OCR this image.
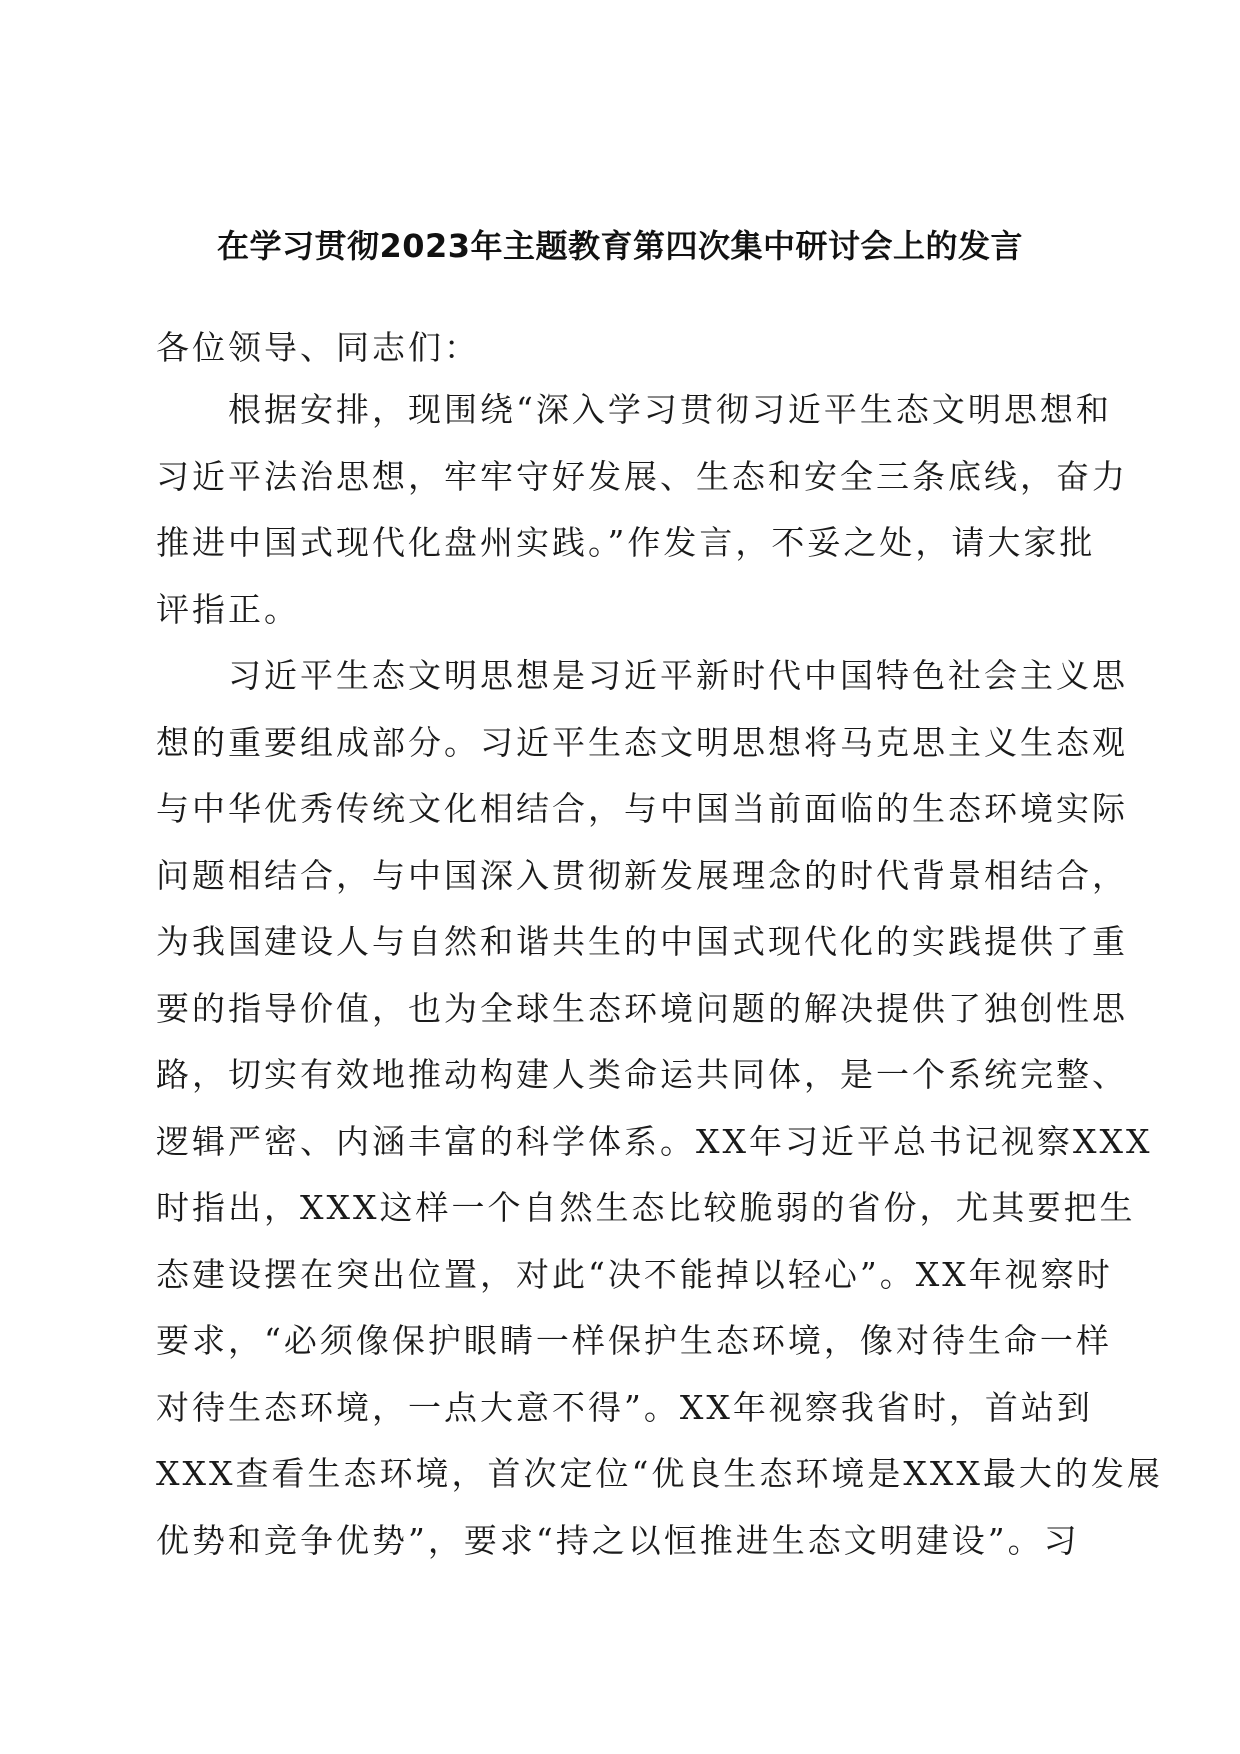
在学习贯彻2023年主题教育第四次集中研讨会上的发言
各位领导、同志们：
　　根据安排，现围绕“深入学习贯彻习近平生态文明思想和
习近平法治思想，牢牢守好发展、生态和安全三条底线，奋力
推进中国式现代化盘州实践。”作发言，不妥之处，请大家批
评指正。
　　习近平生态文明思想是习近平新时代中国特色社会主义思
想的重要组成部分。习近平生态文明思想将马克思主义生态观
与中华优秀传统文化相结合，与中国当前面临的生态环境实际
问题相结合，与中国深入贯彻新发展理念的时代背景相结合，
为我国建设人与自然和谐共生的中国式现代化的实践提供了重
要的指导价值，也为全球生态环境问题的解决提供了独创性思
路，切实有效地推动构建人类命运共同体，是一个系统完整、
逻辑严密、内涵丰富的科学体系。XX年习近平总书记视察XXX
时指出，XXX这样一个自然生态比较脆弱的省份，尤其要把生
态建设摆在突出位置，对此“决不能掉以轻心”。XX年视察时
要求，“必须像保护眼睛一样保护生态环境，像对待生命一样
对待生态环境，一点大意不得”。XX年视察我省时，首站到
XXX查看生态环境，首次定位“优良生态环境是XXX最大的发展
优势和竞争优势”，要求“持之以恒推进生态文明建设”。习
